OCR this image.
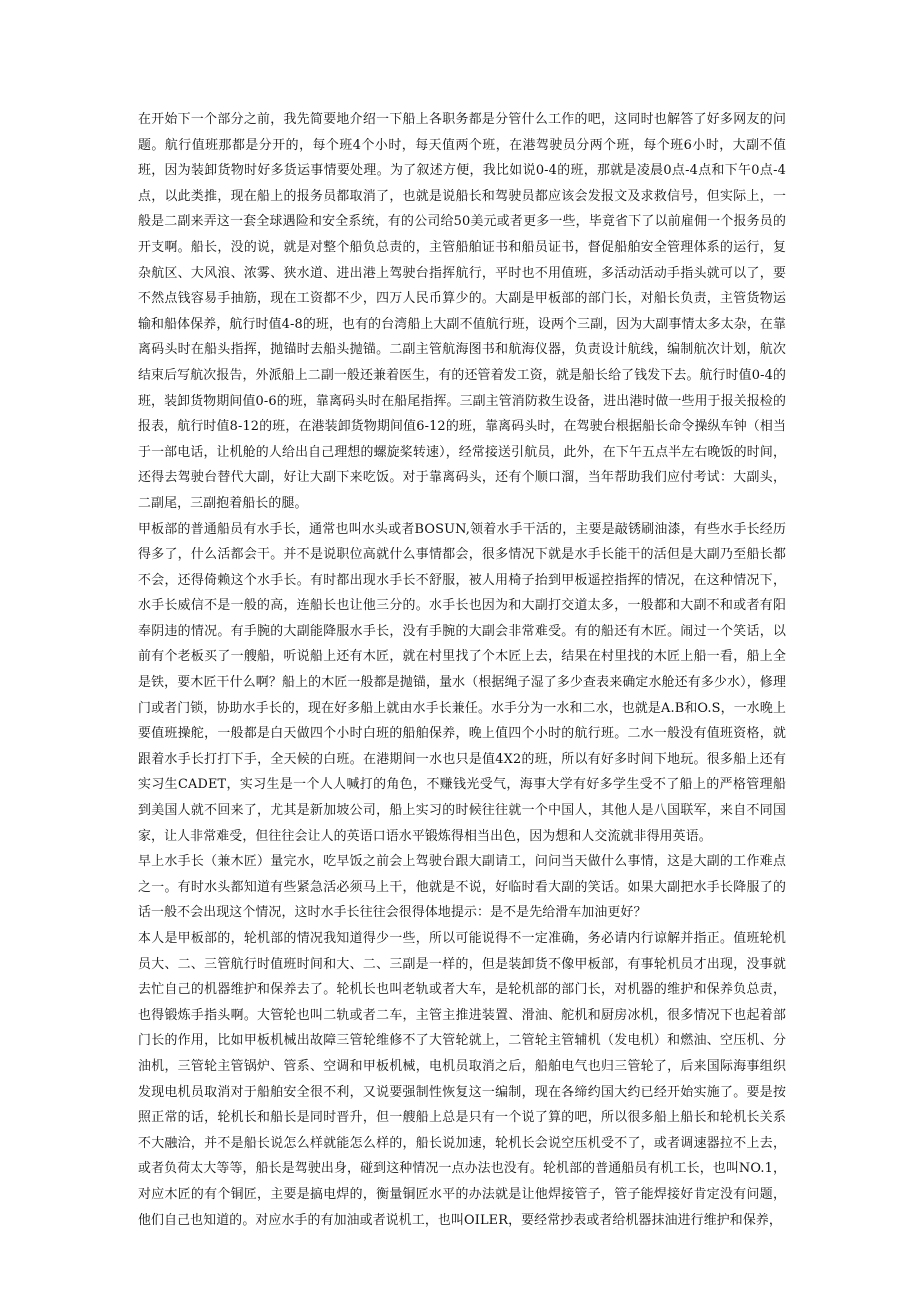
在开始下一个部分之前，我先简要地介绍一下船上各职务都是分管什么工作的吧，这同时也解答了好多网友的问题。航行值班那都是分开的，每个班4个小时，每天值两个班，在港驾驶员分两个班，每个班6小时，大副不值班，因为装卸货物时好多货运事情要处理。为了叙述方便，我比如说0-4的班，那就是凌晨0点-4点和下午0点-4点，以此类推，现在船上的报务员都取消了，也就是说船长和驾驶员都应该会发报文及求救信号，但实际上，一般是二副来弄这一套全球遇险和安全系统，有的公司给50美元或者更多一些，毕竟省下了以前雇佣一个报务员的开支啊。船长，没的说，就是对整个船负总责的，主管船舶证书和船员证书，督促船舶安全管理体系的运行，复杂航区、大风浪、浓雾、狭水道、进出港上驾驶台指挥航行，平时也不用值班，多活动活动手指头就可以了，要不然点钱容易手抽筋，现在工资都不少，四万人民币算少的。大副是甲板部的部门长，对船长负责，主管货物运输和船体保养，航行时值4-8的班，也有的台湾船上大副不值航行班，设两个三副，因为大副事情太多太杂，在靠离码头时在船头指挥，抛锚时去船头抛锚。二副主管航海图书和航海仪器，负责设计航线，编制航次计划，航次结束后写航次报告，外派船上二副一般还兼着医生，有的还管着发工资，就是船长给了钱发下去。航行时值0-4的班，装卸货物期间值0-6的班，靠离码头时在船尾指挥。三副主管消防救生设备，进出港时做一些用于报关报检的报表，航行时值8-12的班，在港装卸货物期间值6-12的班，靠离码头时，在驾驶台根据船长命令操纵车钟（相当于一部电话，让机舱的人给出自己理想的螺旋桨转速），经常接送引航员，此外，在下午五点半左右晚饭的时间，还得去驾驶台替代大副，好让大副下来吃饭。对于靠离码头，还有个顺口溜，当年帮助我们应付考试：大副头，二副尾，三副抱着船长的腿。

甲板部的普通船员有水手长，通常也叫水头或者BOSUN,领着水手干活的，主要是敲锈刷油漆，有些水手长经历得多了，什么活都会干。并不是说职位高就什么事情都会，很多情况下就是水手长能干的活但是大副乃至船长都不会，还得倚赖这个水手长。有时都出现水手长不舒服，被人用椅子抬到甲板遥控指挥的情况，在这种情况下，水手长威信不是一般的高，连船长也让他三分的。水手长也因为和大副打交道太多，一般都和大副不和或者有阳奉阴违的情况。有手腕的大副能降服水手长，没有手腕的大副会非常难受。有的船还有木匠。闹过一个笑话，以前有个老板买了一艘船，听说船上还有木匠，就在村里找了个木匠上去，结果在村里找的木匠上船一看，船上全是铁，要木匠干什么啊？船上的木匠一般都是抛锚，量水（根据绳子湿了多少查表来确定水舱还有多少水），修理门或者门锁，协助水手长的，现在好多船上就由水手长兼任。水手分为一水和二水，也就是A.B和O.S，一水晚上要值班操舵，一般都是白天做四个小时白班的船舶保养，晚上值四个小时的航行班。二水一般没有值班资格，就跟着水手长打打下手，全天候的白班。在港期间一水也只是值4X2的班，所以有好多时间下地玩。很多船上还有实习生CADET，实习生是一个人人喊打的角色，不赚钱光受气，海事大学有好多学生受不了船上的严格管理船到美国人就不回来了，尤其是新加坡公司，船上实习的时候往往就一个中国人，其他人是八国联军，来自不同国家，让人非常难受，但往往会让人的英语口语水平锻炼得相当出色，因为想和人交流就非得用英语。

早上水手长（兼木匠）量完水，吃早饭之前会上驾驶台跟大副请工，问问当天做什么事情，这是大副的工作难点之一。有时水头都知道有些紧急活必须马上干，他就是不说，好临时看大副的笑话。如果大副把水手长降服了的话一般不会出现这个情况，这时水手长往往会很得体地提示：是不是先给滑车加油更好？

本人是甲板部的，轮机部的情况我知道得少一些，所以可能说得不一定准确，务必请内行谅解并指正。值班轮机员大、二、三管航行时值班时间和大、二、三副是一样的，但是装卸货不像甲板部，有事轮机员才出现，没事就去忙自己的机器维护和保养去了。轮机长也叫老轨或者大车，是轮机部的部门长，对机器的维护和保养负总责，也得锻炼手指头啊。大管轮也叫二轨或者二车，主管主推进装置、滑油、舵机和厨房冰机，很多情况下也起着部门长的作用，比如甲板机械出故障三管轮维修不了大管轮就上，二管轮主管辅机（发电机）和燃油、空压机、分油机，三管轮主管锅炉、管系、空调和甲板机械，电机员取消之后，船舶电气也归三管轮了，后来国际海事组织发现电机员取消对于船舶安全很不利，又说要强制性恢复这一编制，现在各缔约国大约已经开始实施了。要是按照正常的话，轮机长和船长是同时晋升，但一艘船上总是只有一个说了算的吧，所以很多船上船长和轮机长关系不大融洽，并不是船长说怎么样就能怎么样的，船长说加速，轮机长会说空压机受不了，或者调速器拉不上去，或者负荷太大等等，船长是驾驶出身，碰到这种情况一点办法也没有。轮机部的普通船员有机工长，也叫NO.1，对应木匠的有个铜匠，主要是搞电焊的，衡量铜匠水平的办法就是让他焊接管子，管子能焊接好肯定没有问题，他们自己也知道的。对应水手的有加油或者说机工，也叫OILER，要经常抄表或者给机器抹油进行维护和保养，
